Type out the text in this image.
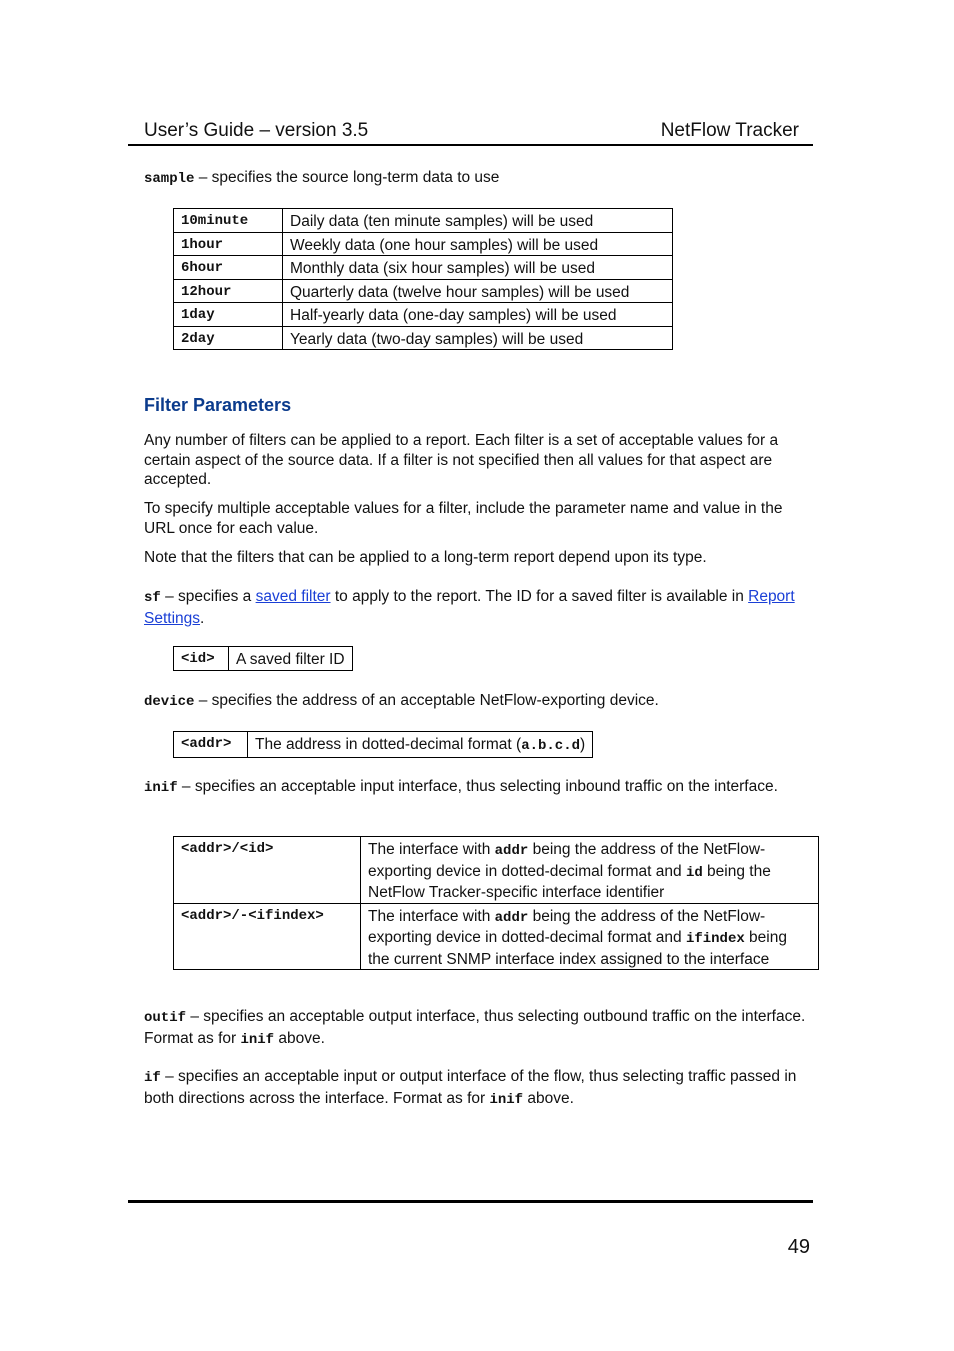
User’s Guide – version 3.5	NetFlow Tracker

sample – specifies the source long-term data to use

10minute	Daily data (ten minute samples) will be used
1hour	Weekly data (one hour samples) will be used
6hour	Monthly data (six hour samples) will be used
12hour	Quarterly data (twelve hour samples) will be used
1day	Half-yearly data (one-day samples) will be used
2day	Yearly data (two-day samples) will be used
Filter Parameters

Any number of filters can be applied to a report. Each filter is a set of acceptable values for a certain aspect of the source data. If a filter is not specified then all values for that aspect are accepted.

To specify multiple acceptable values for a filter, include the parameter name and value in the URL once for each value.

Note that the filters that can be applied to a long-term report depend upon its type.

sf – specifies a saved filter to apply to the report. The ID for a saved filter is available in Report Settings.

<id>	A saved filter ID

device – specifies the address of an acceptable NetFlow-exporting device.

<addr>	The address in dotted-decimal format (a.b.c.d)

inif – specifies an acceptable input interface, thus selecting inbound traffic on the interface.

<addr>/<id>	The interface with addr being the address of the NetFlow-exporting device in dotted-decimal format and id being the NetFlow Tracker-specific interface identifier
<addr>/-<ifindex>	The interface with addr being the address of the NetFlow-exporting device in dotted-decimal format and ifindex being the current SNMP interface index assigned to the interface

outif – specifies an acceptable output interface, thus selecting outbound traffic on the interface. Format as for inif above.

if – specifies an acceptable input or output interface of the flow, thus selecting traffic passed in both directions across the interface. Format as for inif above.

49
